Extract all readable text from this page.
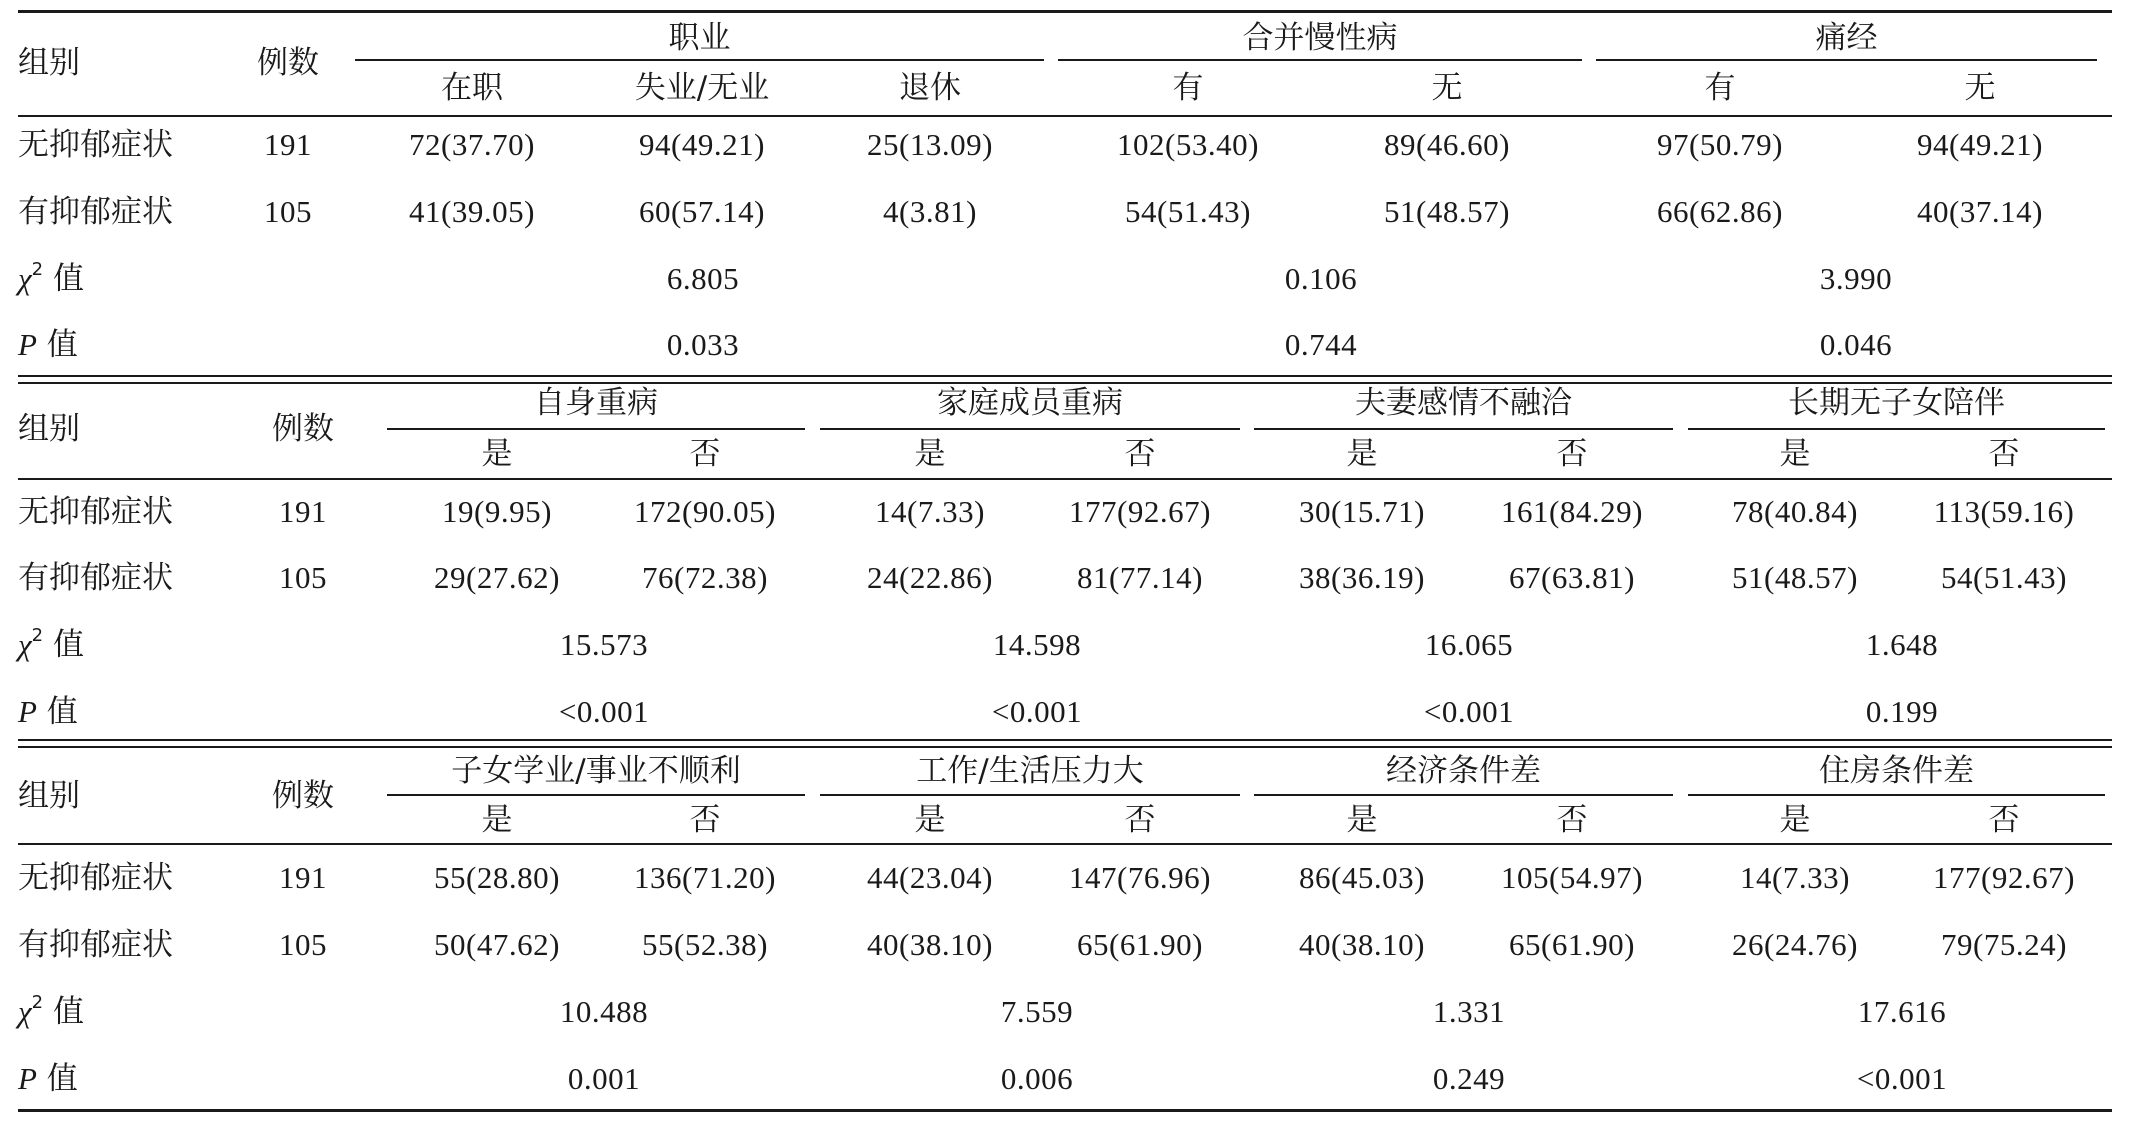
组别	例数
职业	合并慢性病	痛经
在职	失业/无业	退休	有	无	有	无
无抑郁症状	191	72(37.70)	94(49.21)	25(13.09)	102(53.40)	89(46.60)	97(50.79)	94(49.21)
有抑郁症状	105	41(39.05)	60(57.14)	4(3.81)	54(51.43)	51(48.57)	66(62.86)	40(37.14)
$\chi^2$ 值	6.805	0.106	3.990
P 值	0.033	0.744	0.046
组别	例数
自身重病	家庭成员重病	夫妻感情不融洽	长期无子女陪伴
是	否	是	否	是	否	是	否
无抑郁症状	191	19(9.95)	172(90.05)	14(7.33)	177(92.67)	30(15.71) 161(84.29)	78(40.84) 113(59.16)
有抑郁症状	105	29(27.62)	76(72.38)	24(22.86)	81(77.14)	38(36.19)	67(63.81)	51(48.57)	54(51.43)
$\chi^2$ 值	15.573	14.598	16.065	1.648
P 值	<0.001	<0.001	<0.001	0.199
组别	例数
子女学业/事业不顺利	工作/生活压力大	经济条件差	住房条件差
是	否	是	否	是	否	是	否
无抑郁症状	191	55(28.80) 136(71.20)	44(23.04) 147(76.96)	86(45.03) 105(54.97)	14(7.33)	177(92.67)
有抑郁症状	105	50(47.62)	55(52.38)	40(38.10)	65(61.90)	40(38.10)	65(61.90)	26(24.76)	79(75.24)
$\chi^2$ 值	10.488	7.559	1.331	17.616
P 值	0.001	0.006	0.249	<0.001
